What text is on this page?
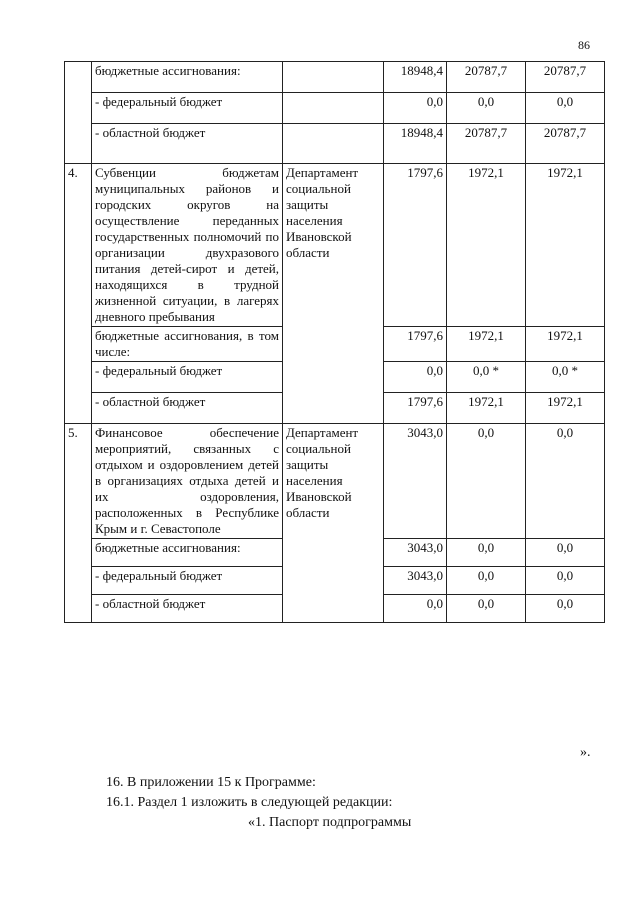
86
	бюджетные ассигнования:		18948,4	20787,7	20787,7
	- федеральный бюджет		0,0	0,0	0,0
	- областной бюджет		18948,4	20787,7	20787,7
4.	Субвенции бюджетам муниципальных районов и городских округов на осуществление переданных государственных полномочий по организации двухразового питания детей-сирот и детей, находящихся в трудной жизненной ситуации, в лагерях дневного пребывания	Департамент социальной защиты населения Ивановской области	1797,6	1972,1	1972,1
	бюджетные ассигнования, в том числе:		1797,6	1972,1	1972,1
	- федеральный бюджет		0,0	0,0 *	0,0 *
	- областной бюджет		1797,6	1972,1	1972,1
5.	Финансовое обеспечение мероприятий, связанных с отдыхом и оздоровлением детей в организациях отдыха детей и их оздоровления, расположенных в Республике Крым и г. Севастополе	Департамент социальной защиты населения Ивановской области	3043,0	0,0	0,0
	бюджетные ассигнования:		3043,0	0,0	0,0
	- федеральный бюджет		3043,0	0,0	0,0
	- областной бюджет		0,0	0,0	0,0
».
16. В приложении 15 к Программе:
16.1. Раздел 1 изложить в следующей редакции:
«1. Паспорт подпрограммы
